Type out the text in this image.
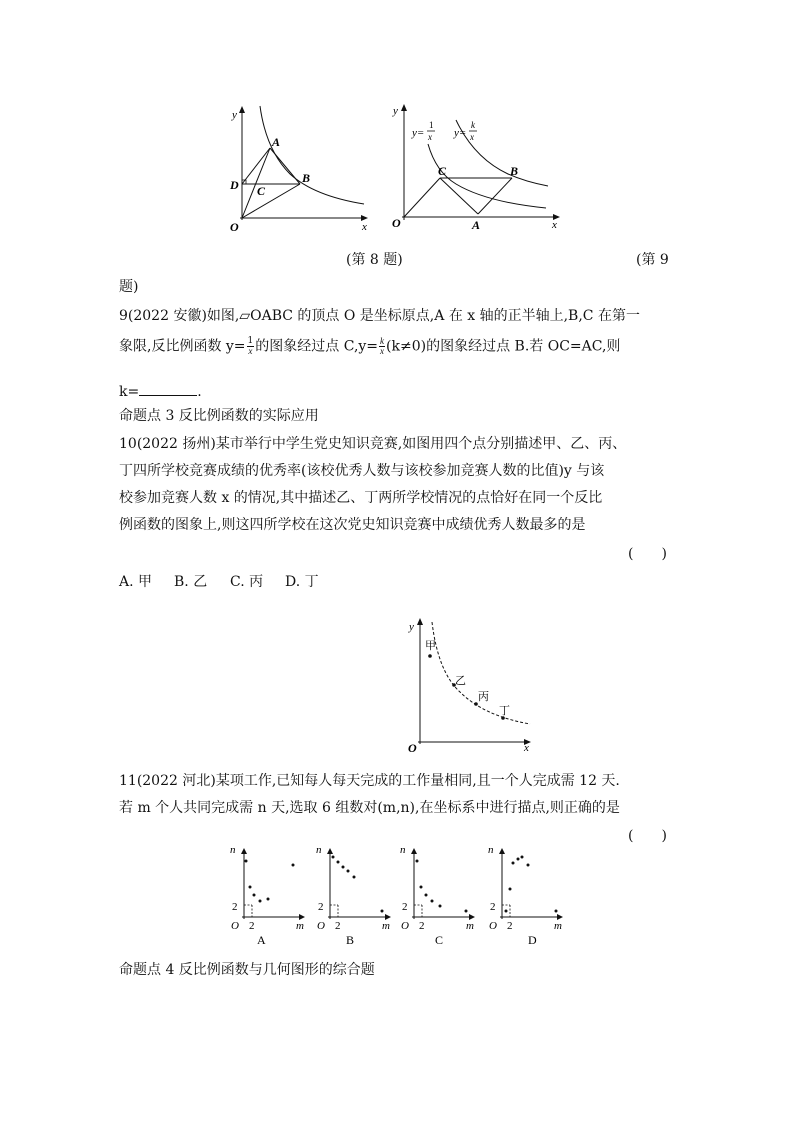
y
x
O
A
B
C
D
y
x
O
C	B
A
y=
1
x y=
k
x
(第 8 题)	(第 9
题)
9(2022 安徽)如图,▱OABC 的顶点 O 是坐标原点,A 在 x 轴的正半轴上,B,C 在第一
象限,反比例函数 $y= \frac{1}{x}$ 的图象经过点 $C,y= \frac{k}{x} (k\ne 0)$的图象经过点 B.若 OC=AC,则
k=	.
命题点 3 反比例函数的实际应用
10(2022 扬州)某市举行中学生党史知识竞赛,如图用四个点分别描述甲、乙、丙、
丁四所学校竞赛成绩的优秀率(该校优秀人数与该校参加竞赛人数的比值)y 与该
校参加竞赛人数 x 的情况,其中描述乙、丁两所学校情况的点恰好在同一个反比
例函数的图象上,则这四所学校在这次党史知识竞赛中成绩优秀人数最多的是
(　　)
A. 甲 B. 乙 C. 丙 D. 丁
y
x
O
甲
乙
丙
丁
11(2022 河北)某项工作,已知每人每天完成的工作量相同,且一个人完成需 12 天.
若 m 个人共同完成需 n 天,选取 6 组数对(m,n),在坐标系中进行描点,则正确的是
(　　)
n
m
O
2
2
A
n
m
O
2
2
B
n
m
O
2
2
C
n
m
O
2
2
D
命题点 4 反比例函数与几何图形的综合题
